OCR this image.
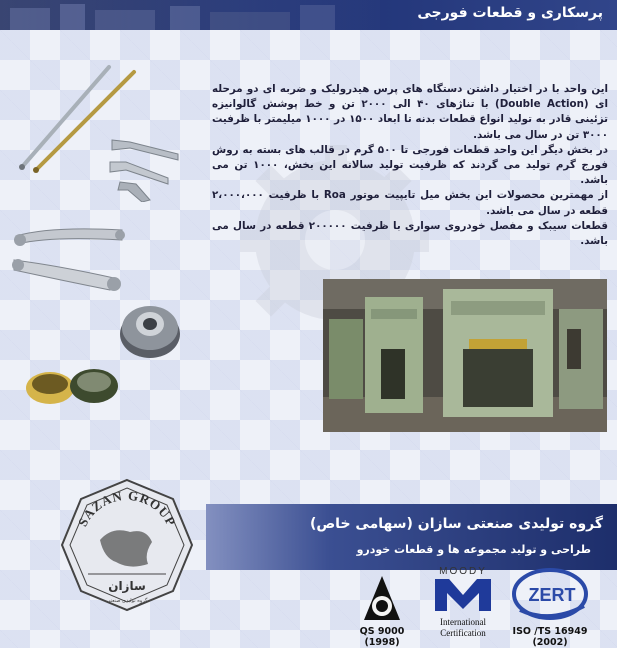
پرسکاری و قطعات فورجی

این واحد با در اختیار داشتن دستگاه های پرس هیدرولیک و ضربه ای دو مرحله ای (Double Action) با تناژهای ۴۰ الی ۲۰۰۰ تن و خط پوشش گالوانیزه تزئینی قادر به تولید انواع قطعات بدنه تا ابعاد ۱۵۰۰ در ۱۰۰۰ میلیمتر با ظرفیت ۳۰۰۰ تن در سال می باشد.

در بخش دیگر این واحد قطعات فورجی تا ۵۰۰ گرم در قالب های بسته به روش فورج گرم تولید می گردند که ظرفیت تولید سالانه این بخش، ۱۰۰۰ تن می باشد.

از مهمترین محصولات این بخش میل تایپیت موتور Roa با ظرفیت ۲،۰۰۰،۰۰۰ قطعه در سال می باشد.

قطعات سیبک و مفصل خودروی سواری با ظرفیت ۲۰۰۰۰۰ قطعه در سال می باشد.

گروه تولیدی صنعتی سازان (سهامی خاص)
طراحی و تولید مجموعه ها و قطعات خودرو
SAZAN GROUP
سازان
گروه تولیدی صنعتی
QS 9000
(1998)
MOODY
International
Certification
ZERT
ISO /TS 16949
(2002)
